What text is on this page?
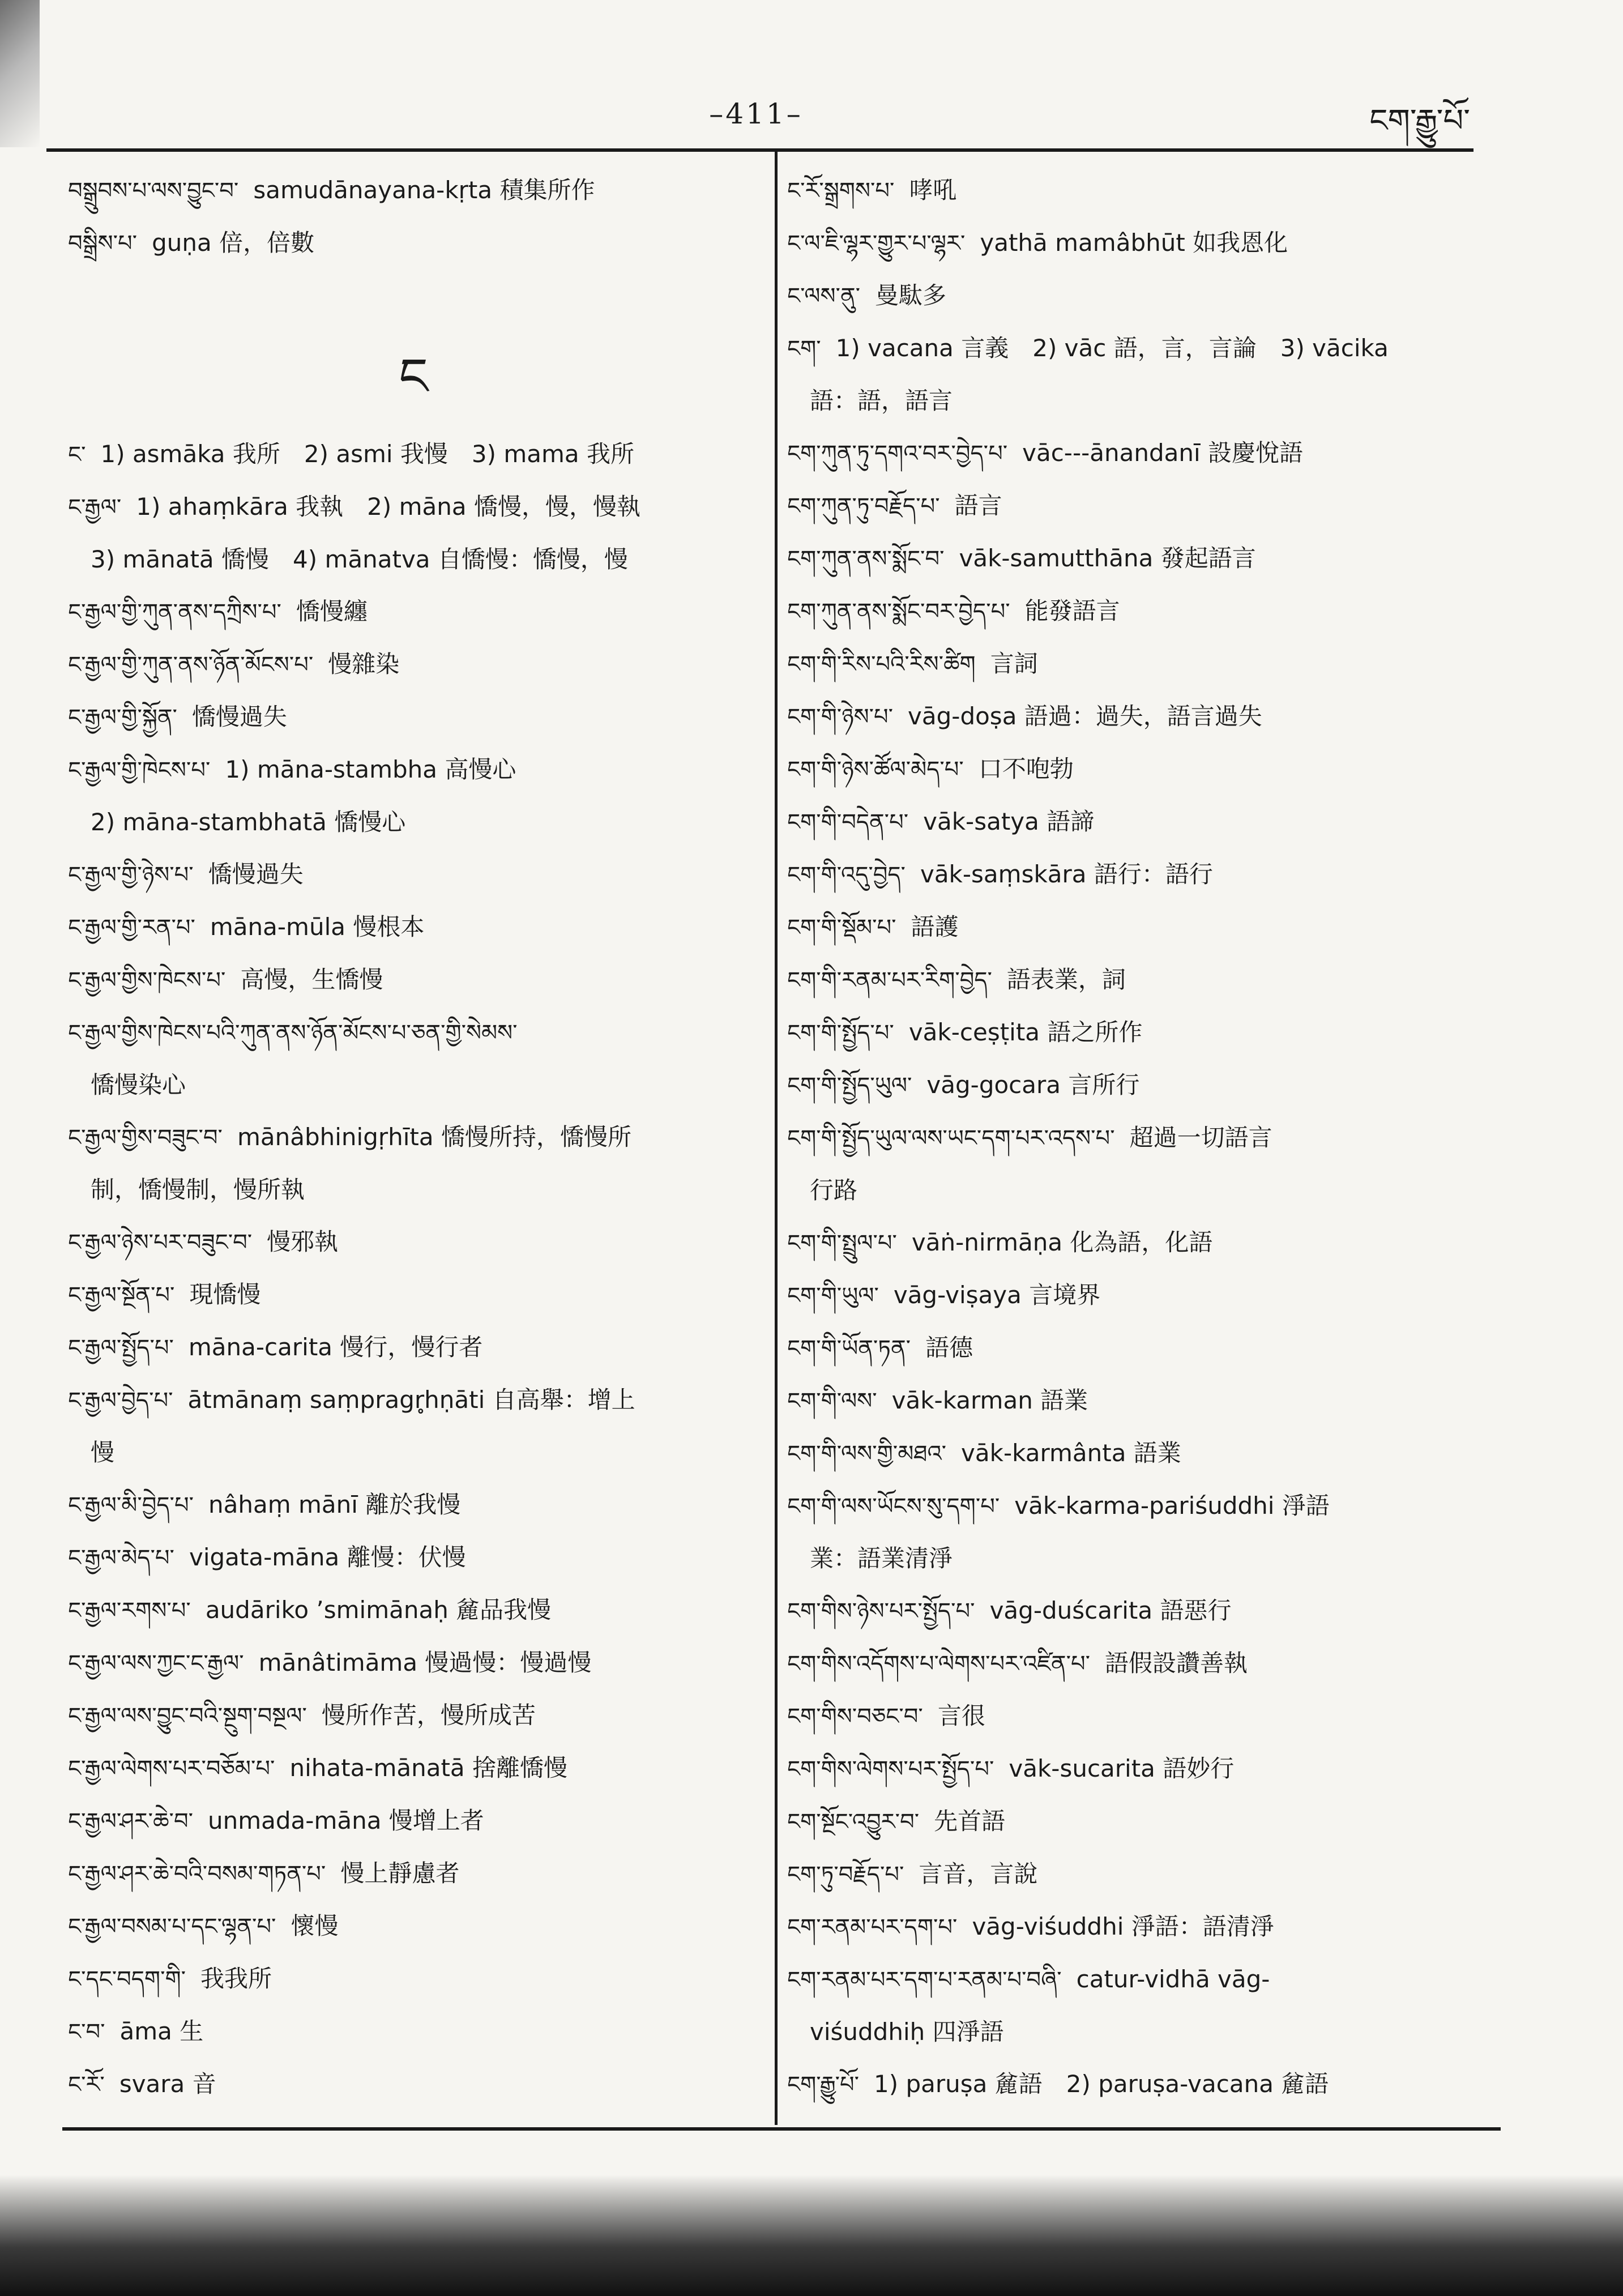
–411–	ངག་རྒྱུ་པོ་
བསྒྲུབས་པ་ལས་བྱུང་བ་ samudānayana-kṛta 積集所作
བསྒྲིས་པ་ guṇa 倍，倍數
ང
ང་ 1) asmāka 我所　2) asmi 我慢　3) mama 我所
ང་རྒྱལ་ 1) ahaṃkāra 我執　2) māna 憍慢，慢，慢執
3) mānatā 憍慢　4) mānatva 自憍慢：憍慢，慢
ང་རྒྱལ་གྱི་ཀུན་ནས་དཀྲིས་པ་ 憍慢纏
ང་རྒྱལ་གྱི་ཀུན་ནས་ཉོན་མོངས་པ་ 慢雜染
ང་རྒྱལ་གྱི་སྐྱོན་ 憍慢過失
ང་རྒྱལ་གྱི་ཁེངས་པ་ 1) māna-stambha 高慢心
2) māna-stambhatā 憍慢心
ང་རྒྱལ་གྱི་ཉེས་པ་ 憍慢過失
ང་རྒྱལ་གྱི་རན་པ་ māna-mūla 慢根本
ང་རྒྱལ་གྱིས་ཁེངས་པ་ 高慢，生憍慢
ང་རྒྱལ་གྱིས་ཁེངས་པའི་ཀུན་ནས་ཉོན་མོངས་པ་ཅན་གྱི་སེམས་
憍慢染心
ང་རྒྱལ་གྱིས་བཟུང་བ་ mānâbhinigṛhīta 憍慢所持，憍慢所
制，憍慢制，慢所執
ང་རྒྱལ་ཉེས་པར་བཟུང་བ་ 慢邪執
ང་རྒྱལ་སྔོན་པ་ 現憍慢
ང་རྒྱལ་སྤྱོད་པ་ māna-carita 慢行，慢行者
ང་རྒྱལ་བྱེད་པ་ ātmānaṃ saṃpragr̥hṇāti 自高舉：增上
慢
ང་རྒྱལ་མི་བྱེད་པ་ nâhaṃ mānī 離於我慢
ང་རྒྱལ་མེད་པ་ vigata-māna 離慢：伏慢
ང་རྒྱལ་རགས་པ་ audāriko ’smimānaḥ 麄品我慢
ང་རྒྱལ་ལས་ཀྱང་ང་རྒྱལ་ mānâtimāma 慢過慢：慢過慢
ང་རྒྱལ་ལས་བྱུང་བའི་སྔུག་བསྔལ་ 慢所作苦，慢所成苦
ང་རྒྱལ་ལེགས་པར་བཅོམ་པ་ nihata-mānatā 捨離憍慢
ང་རྒྱལ་ཤར་ཆེ་བ་ unmada-māna 慢增上者
ང་རྒྱལ་ཤར་ཆེ་བའི་བསམ་གཏན་པ་ 慢上靜慮者
ང་རྒྱལ་བསམ་པ་དང་ལྷན་པ་ 懷慢
ང་དང་བདག་གི་ 我我所
ང་བ་ āma 生
ང་རོ་ svara 音
ང་རོ་སྒྲགས་པ་ 哮吼
ང་ལ་ཇི་ལྷར་གྱུར་པ་ལྷར་ yathā mamâbhūt 如我恩化
ང་ལས་ནུ་ 曼駄多
ངག་ 1) vacana 言義　2) vāc 語，言，言論　3) vācika
語：語，語言
ངག་ཀུན་ཏུ་དགའ་བར་བྱེད་པ་ vāc---ānandanī 設慶悅語
ངག་ཀུན་ཏུ་བརྗོད་པ་ 語言
ངག་ཀུན་ནས་སྨོང་བ་ vāk-samutthāna 發起語言
ངག་ཀུན་ནས་སྨོང་བར་བྱེད་པ་ 能發語言
ངག་གི་རིས་པའི་རིས་ཚིག 言詞
ངག་གི་ཉེས་པ་ vāg-doṣa 語過：過失，語言過失
ངག་གི་ཉེས་ཚོལ་མེད་པ་ 口不咆勃
ངག་གི་བདེན་པ་ vāk-satya 語諦
ངག་གི་འདུ་བྱེད་ vāk-saṃskāra 語行：語行
ངག་གི་སྡོམ་པ་ 語護
ངག་གི་རནམ་པར་རིག་བྱེད་ 語表業，詞
ངག་གི་སྤྱོད་པ་ vāk-ceṣṭita 語之所作
ངག་གི་སྤྱོད་ཡུལ་ vāg-gocara 言所行
ངག་གི་སྤྱོད་ཡུལ་ལས་ཡང་དག་པར་འདས་པ་ 超過一切語言
行路
ངག་གི་སྤྲུལ་པ་ vāṅ-nirmāṇa 化為語，化語
ངག་གི་ཡུལ་ vāg-viṣaya 言境界
ངག་གི་ཡོན་ཏན་ 語德
ངག་གི་ལས་ vāk-karman 語業
ངག་གི་ལས་གྱི་མཐའ་ vāk-karmânta 語業
ངག་གི་ལས་ཡོངས་སུ་དག་པ་ vāk-karma-pariśuddhi 淨語
業：語業清淨
ངག་གིས་ཉེས་པར་སྤྱོད་པ་ vāg-duścarita 語惡行
ངག་གིས་འདོགས་པ་ལེགས་པར་འཛིན་པ་ 語假設讚善執
ངག་གིས་བཅང་བ་ 言很
ངག་གིས་ལེགས་པར་སྤྱོད་པ་ vāk-sucarita 語妙行
ངག་སྔོང་འབྱུར་བ་ 先首語
ངག་ཏུ་བརྗོད་པ་ 言音，言說
ངག་རནམ་པར་དག་པ་ vāg-viśuddhi 淨語：語清淨
ངག་རནམ་པར་དག་པ་རནམ་པ་བཞི་ catur-vidhā vāg-
viśuddhiḥ 四淨語
ངག་རྒྱུ་པོ་ 1) paruṣa 麄語　2) paruṣa-vacana 麄語
